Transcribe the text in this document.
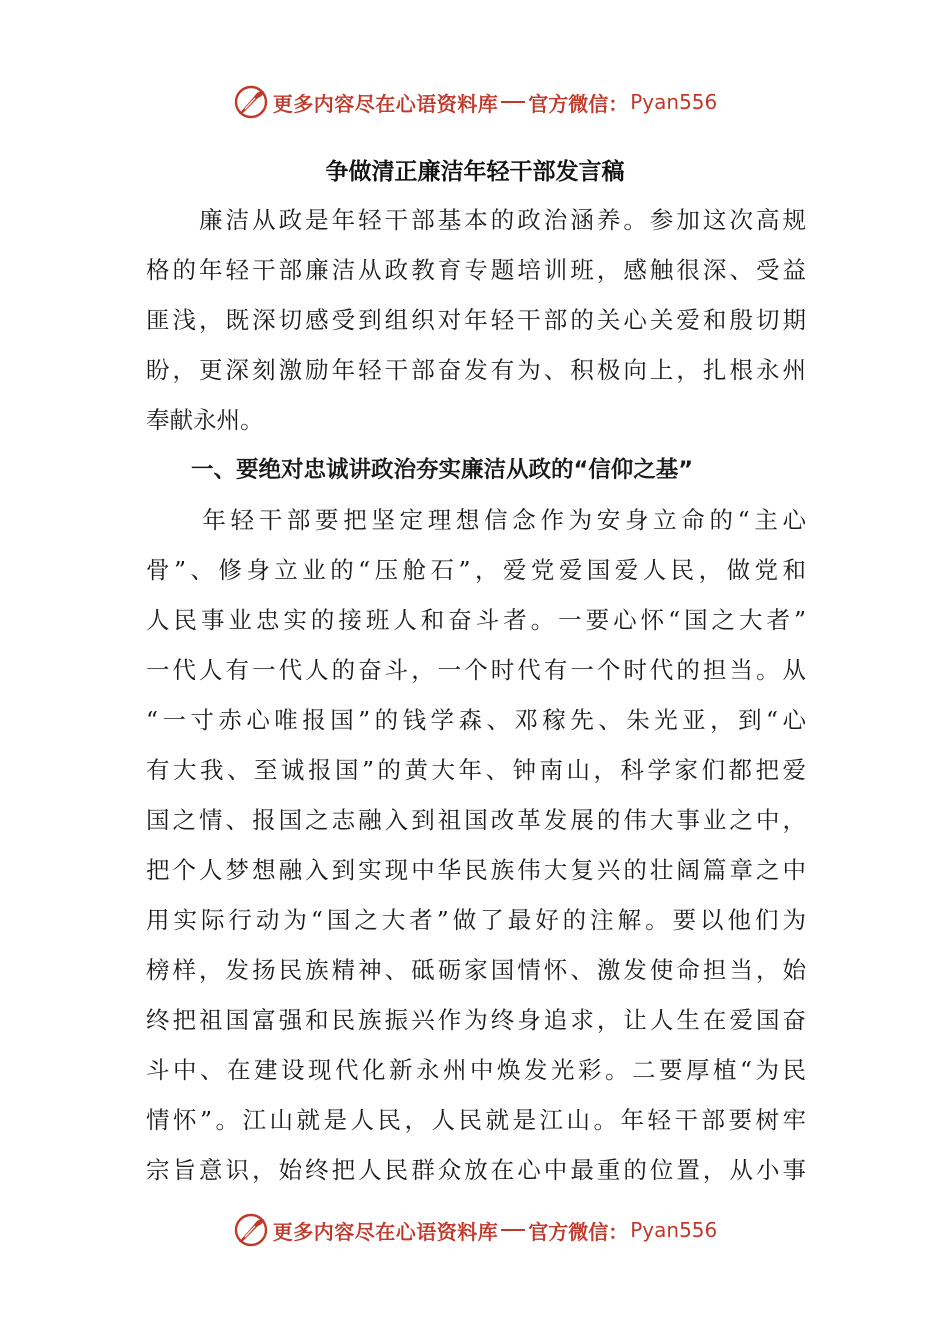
更多内容尽在心语资料库 官方微信： Pyan556
争做清正廉洁年轻干部发言稿
　　廉洁从政是年轻干部基本的政治涵养。参加这次高规
格的年轻干部廉洁从政教育专题培训班，感触很深、受益
匪浅，既深切感受到组织对年轻干部的关心关爱和殷切期
盼，更深刻激励年轻干部奋发有为、积极向上，扎根永州
奉献永州。
　　一、要绝对忠诚讲政治夯实廉洁从政的“信仰之基”
　　年轻干部要把坚定理想信念作为安身立命的“主心
骨”、修身立业的“压舱石”，爱党爱国爱人民，做党和
人民事业忠实的接班人和奋斗者。一要心怀“国之大者”
一代人有一代人的奋斗，一个时代有一个时代的担当。从
“一寸赤心唯报国”的钱学森、邓稼先、朱光亚，到“心
有大我、至诚报国”的黄大年、钟南山，科学家们都把爱
国之情、报国之志融入到祖国改革发展的伟大事业之中，
把个人梦想融入到实现中华民族伟大复兴的壮阔篇章之中
用实际行动为“国之大者”做了最好的注解。要以他们为
榜样，发扬民族精神、砥砺家国情怀、激发使命担当，始
终把祖国富强和民族振兴作为终身追求，让人生在爱国奋
斗中、在建设现代化新永州中焕发光彩。二要厚植“为民
情怀”。江山就是人民，人民就是江山。年轻干部要树牢
宗旨意识，始终把人民群众放在心中最重的位置，从小事
更多内容尽在心语资料库 官方微信： Pyan556
